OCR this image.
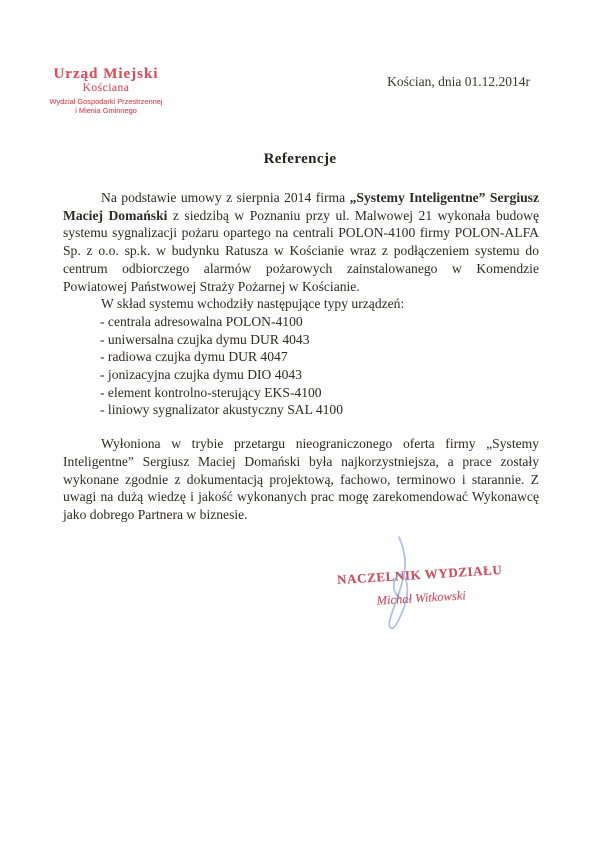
Urząd Miejski
Kościana
Wydział Gospodarki Przestrzennej
i Mienia Gminnego
Kościan, dnia 01.12.2014r
Referencje

Na podstawie umowy z sierpnia 2014 firma „Systemy Inteligentne” Sergiusz Maciej Domański z siedzibą w Poznaniu przy ul. Malwowej 21 wykonała budowę systemu sygnalizacji pożaru opartego na centrali POLON-4100 firmy POLON-ALFA Sp. z o.o. sp.k. w budynku Ratusza w Kościanie wraz z podłączeniem systemu do centrum odbiorczego alarmów pożarowych zainstalowanego w Komendzie Powiatowej Państwowej Straży Pożarnej w Kościanie.

W skład systemu wchodziły następujące typy urządzeń:

- centrala adresowalna POLON-4100
- uniwersalna czujka dymu DUR 4043
- radiowa czujka dymu DUR 4047
- jonizacyjna czujka dymu DIO 4043
- element kontrolno-sterujący EKS-4100
- liniowy sygnalizator akustyczny SAL 4100

Wyłoniona w trybie przetargu nieograniczonego oferta firmy „Systemy Inteligentne” Sergiusz Maciej Domański była najkorzystniejsza, a prace zostały wykonane zgodnie z dokumentacją projektową, fachowo, terminowo i starannie. Z uwagi na dużą wiedzę i jakość wykonanych prac mogę zarekomendować Wykonawcę jako dobrego Partnera w biznesie.

NACZELNIK WYDZIAŁU
Michał Witkowski
